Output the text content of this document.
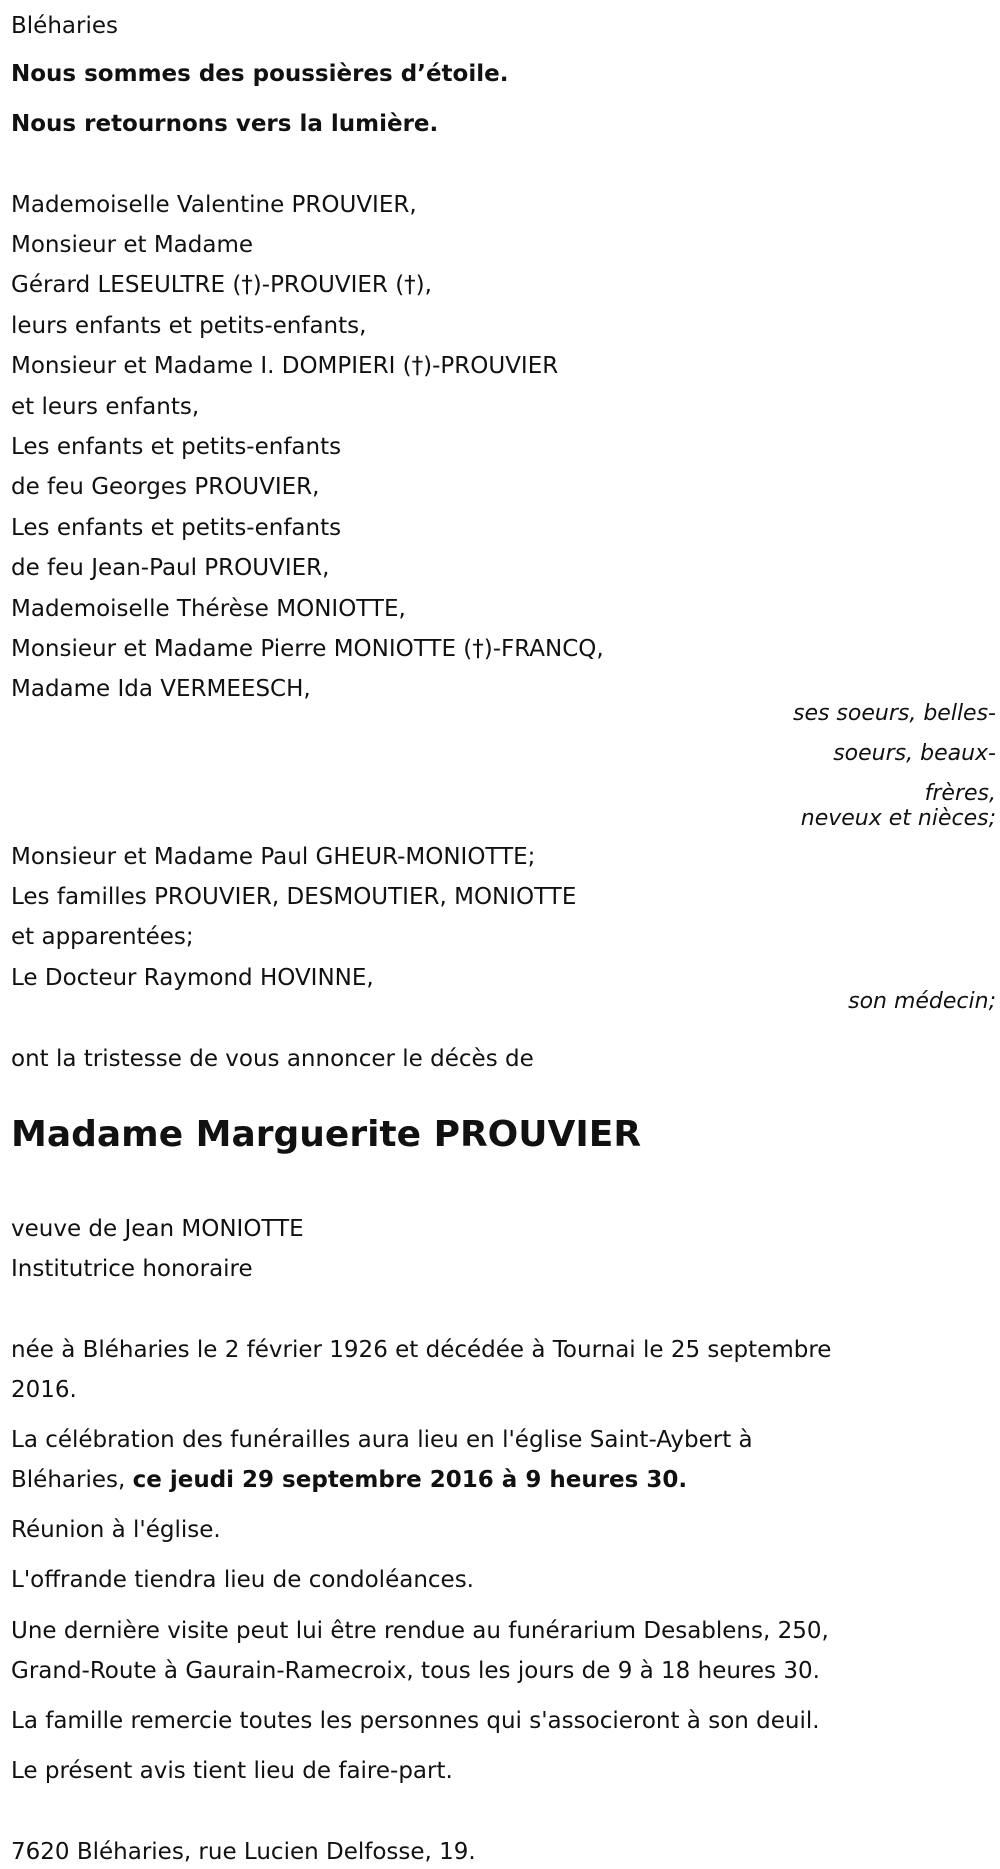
Bléharies
Nous sommes des poussières d’étoile.
Nous retournons vers la lumière.
Mademoiselle Valentine PROUVIER,
Monsieur et Madame
Gérard LESEULTRE (†)-PROUVIER (†),
leurs enfants et petits-enfants,
Monsieur et Madame I. DOMPIERI (†)-PROUVIER
et leurs enfants,
Les enfants et petits-enfants
de feu Georges PROUVIER,
Les enfants et petits-enfants
de feu Jean-Paul PROUVIER,
Mademoiselle Thérèse MONIOTTE,
Monsieur et Madame Pierre MONIOTTE (†)-FRANCQ,
Madame Ida VERMEESCH,
ses soeurs, belles-
soeurs, beaux-
frères,
neveux et nièces;
Monsieur et Madame Paul GHEUR-MONIOTTE;
Les familles PROUVIER, DESMOUTIER, MONIOTTE
et apparentées;
Le Docteur Raymond HOVINNE,
son médecin;
ont la tristesse de vous annoncer le décès de
Madame Marguerite PROUVIER
veuve de Jean MONIOTTE
Institutrice honoraire
née à Bléharies le 2 février 1926 et décédée à Tournai le 25 septembre
2016.
La célébration des funérailles aura lieu en l'église Saint-Aybert à
Bléharies, ce jeudi 29 septembre 2016 à 9 heures 30.
Réunion à l'église.
L'offrande tiendra lieu de condoléances.
Une dernière visite peut lui être rendue au funérarium Desablens, 250,
Grand-Route à Gaurain-Ramecroix, tous les jours de 9 à 18 heures 30.
La famille remercie toutes les personnes qui s'associeront à son deuil.
Le présent avis tient lieu de faire-part.
7620 Bléharies, rue Lucien Delfosse, 19.
